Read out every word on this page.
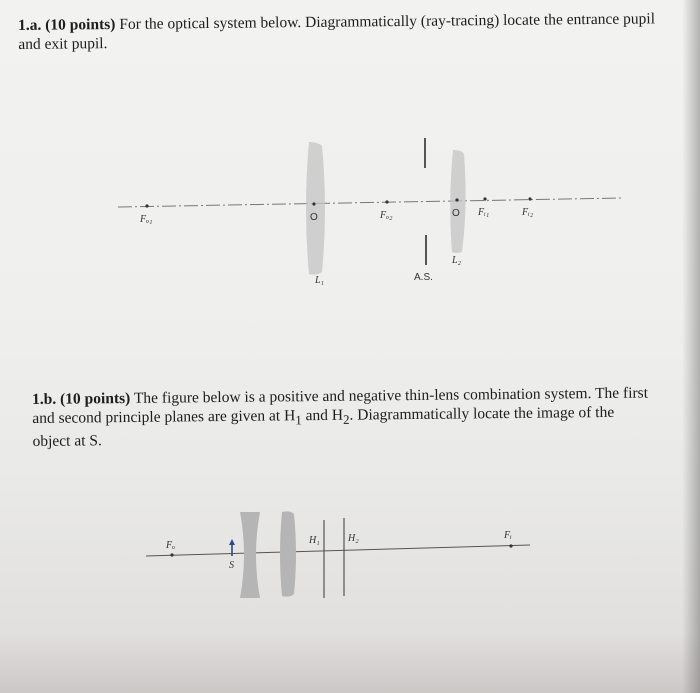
1.a. (10 points) For the optical system below. Diagrammatically (ray-tracing) locate the entrance pupil and exit pupil.

Fₒ₁	O	Fₒ₂	O Fᵢ₁	Fᵢ₂
L₁
L₂
A.S.
Fₒ
S
H₁	H₂	Fᵢ

1.b. (10 points) The figure below is a positive and negative thin-lens combination system. The first and second principle planes are given at $H_1$ and $H_2$. Diagrammatically locate the image of the object at S.
